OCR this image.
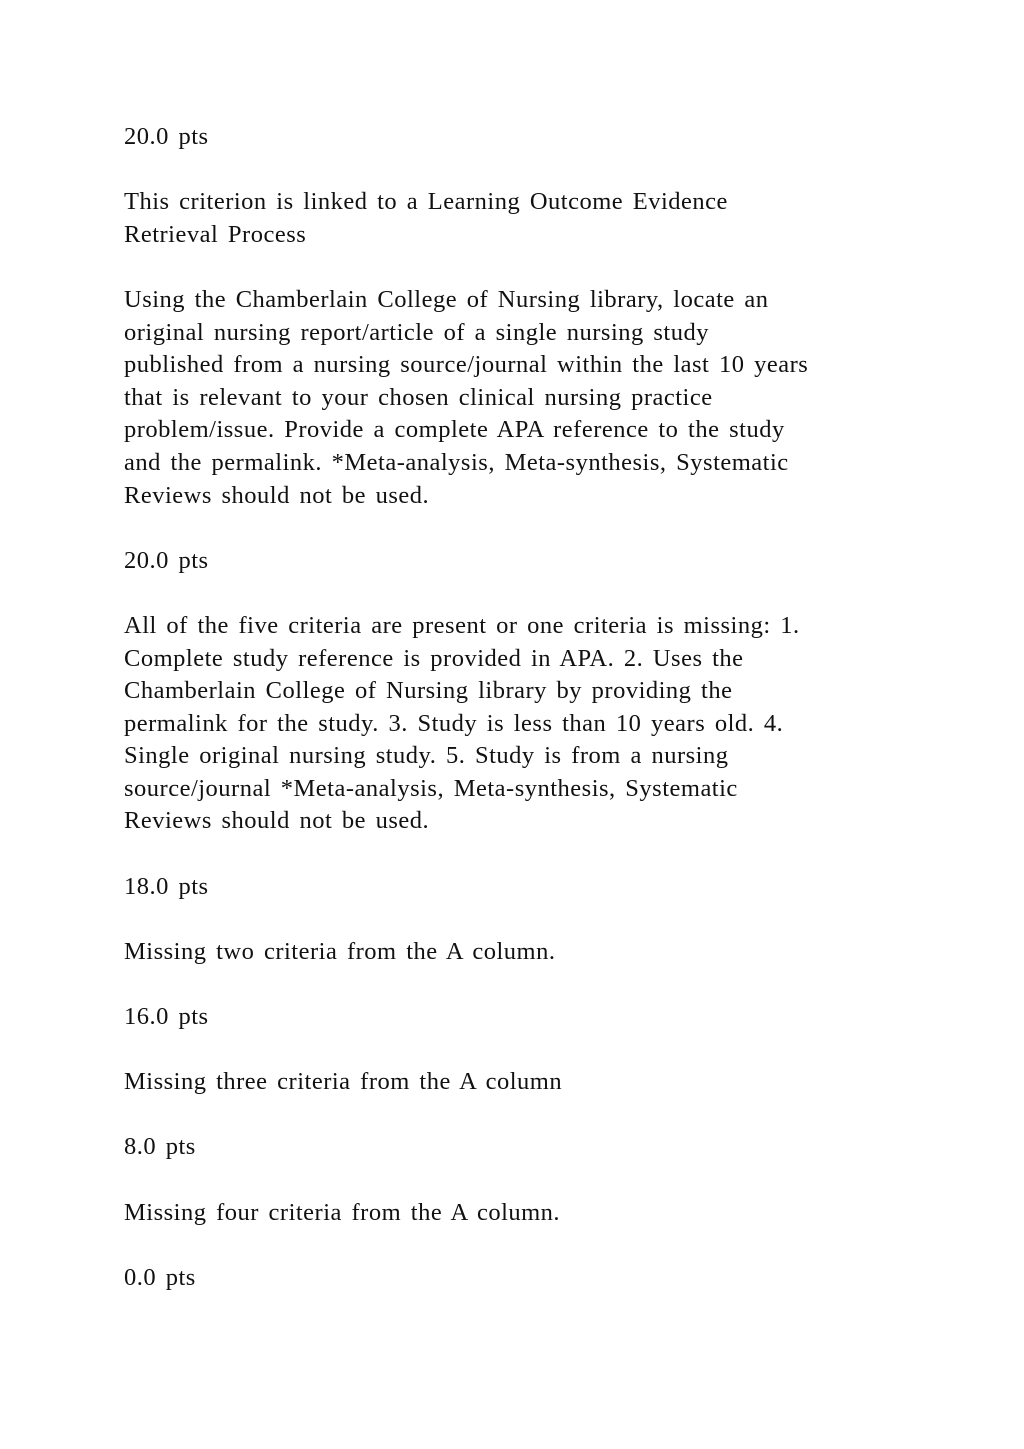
20.0 pts

This criterion is linked to a Learning Outcome Evidence
Retrieval Process

Using the Chamberlain College of Nursing library, locate an
original nursing report/article of a single nursing study
published from a nursing source/journal within the last 10 years
that is relevant to your chosen clinical nursing practice
problem/issue. Provide a complete APA reference to the study
and the permalink. *Meta-analysis, Meta-synthesis, Systematic
Reviews should not be used.

20.0 pts

All of the five criteria are present or one criteria is missing: 1.
Complete study reference is provided in APA. 2. Uses the
Chamberlain College of Nursing library by providing the
permalink for the study. 3. Study is less than 10 years old. 4.
Single original nursing study. 5. Study is from a nursing
source/journal *Meta-analysis, Meta-synthesis, Systematic
Reviews should not be used.

18.0 pts

Missing two criteria from the A column.

16.0 pts

Missing three criteria from the A column

8.0 pts

Missing four criteria from the A column.

0.0 pts
